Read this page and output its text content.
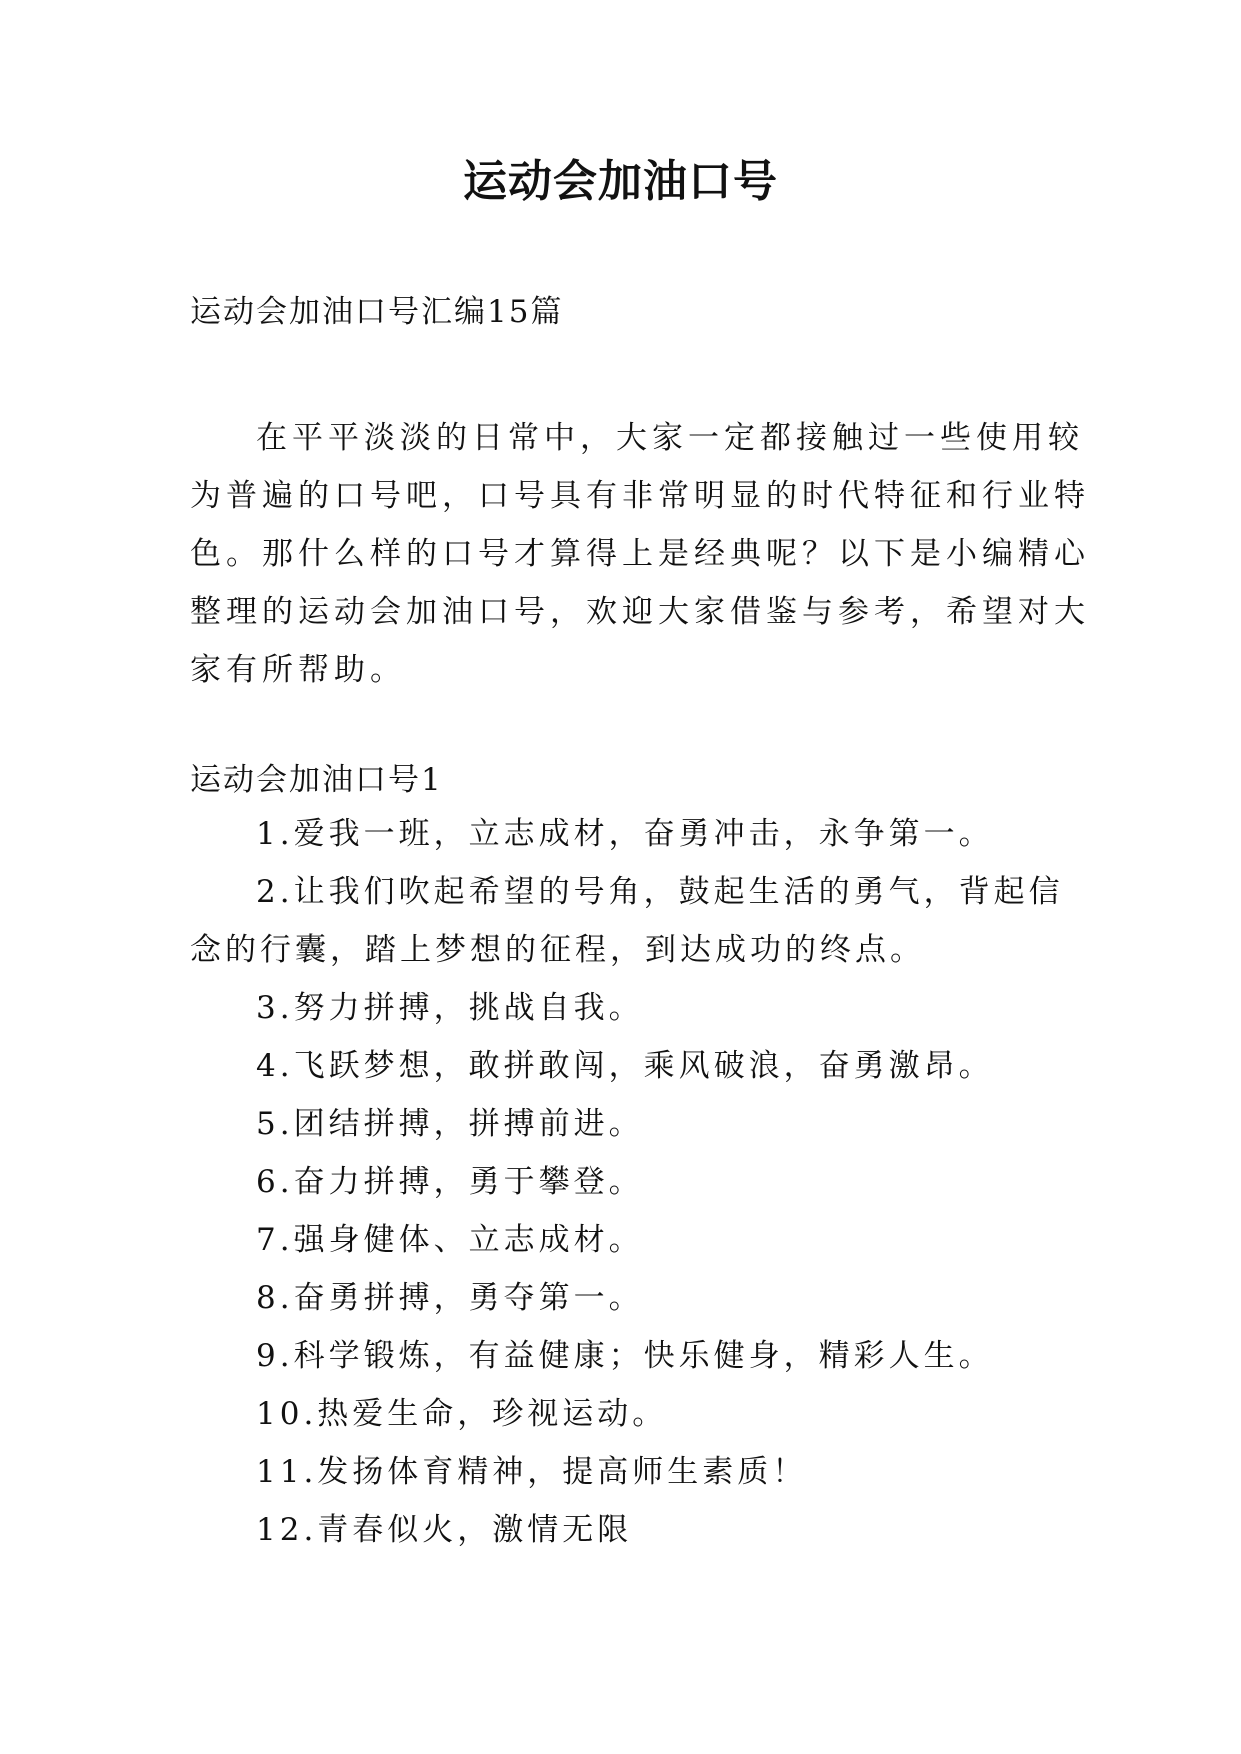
运动会加油口号
运动会加油口号汇编15篇

在平平淡淡的日常中，大家一定都接触过一些使用较为普遍的口号吧，口号具有非常明显的时代特征和行业特色。那什么样的口号才算得上是经典呢？以下是小编精心整理的运动会加油口号，欢迎大家借鉴与参考，希望对大家有所帮助。

运动会加油口号1
1.爱我一班，立志成材，奋勇冲击，永争第一。
2.让我们吹起希望的号角，鼓起生活的勇气，背起信念的行囊，踏上梦想的征程，到达成功的终点。
3.努力拼搏，挑战自我。
4.飞跃梦想，敢拼敢闯，乘风破浪，奋勇激昂。
5.团结拼搏，拼搏前进。
6.奋力拼搏，勇于攀登。
7.强身健体、立志成材。
8.奋勇拼搏，勇夺第一。
9.科学锻炼，有益健康；快乐健身，精彩人生。
10.热爱生命，珍视运动。
11.发扬体育精神，提高师生素质！
12.青春似火，激情无限
